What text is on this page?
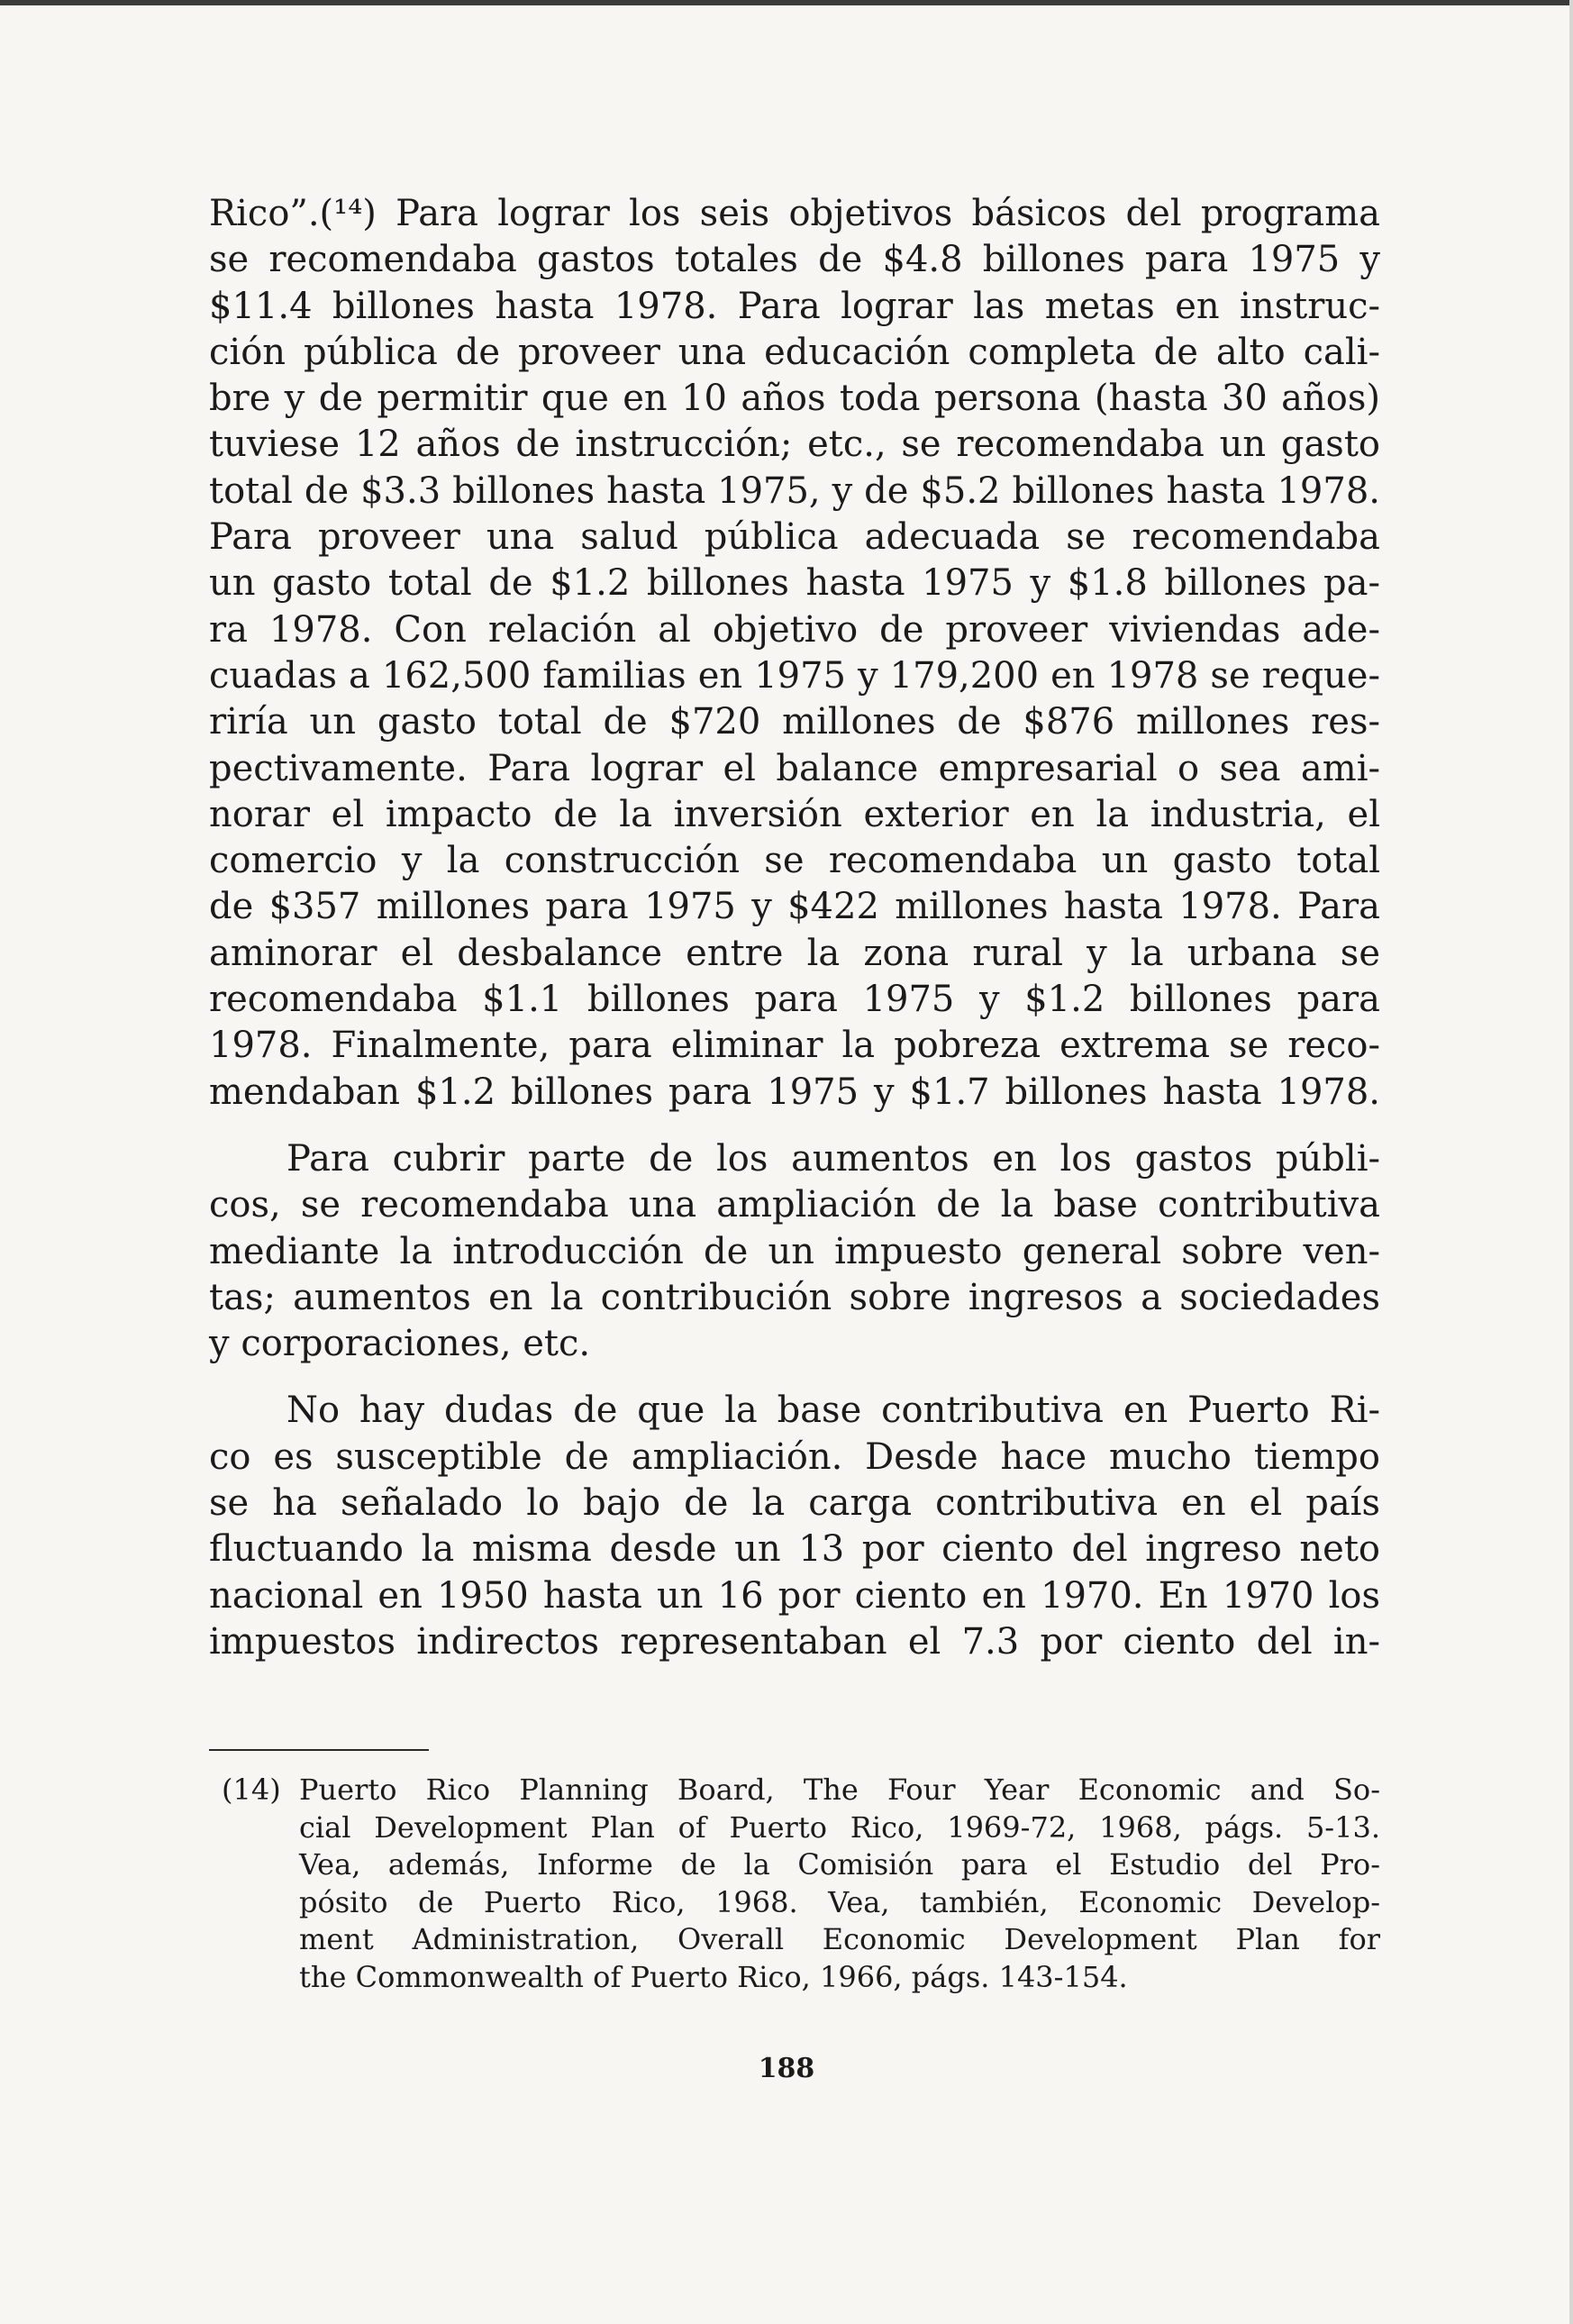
Rico”.(¹⁴) Para lograr los seis objetivos básicos del programa
se recomendaba gastos totales de $4.8 billones para 1975 y
$11.4 billones hasta 1978. Para lograr las metas en instruc-
ción pública de proveer una educación completa de alto cali-
bre y de permitir que en 10 años toda persona (hasta 30 años)
tuviese 12 años de instrucción; etc., se recomendaba un gasto
total de $3.3 billones hasta 1975, y de $5.2 billones hasta 1978.
Para proveer una salud pública adecuada se recomendaba
un gasto total de $1.2 billones hasta 1975 y $1.8 billones pa-
ra 1978. Con relación al objetivo de proveer viviendas ade-
cuadas a 162,500 familias en 1975 y 179,200 en 1978 se reque-
riría un gasto total de $720 millones de $876 millones res-
pectivamente. Para lograr el balance empresarial o sea ami-
norar el impacto de la inversión exterior en la industria, el
comercio y la construcción se recomendaba un gasto total
de $357 millones para 1975 y $422 millones hasta 1978. Para
aminorar el desbalance entre la zona rural y la urbana se
recomendaba $1.1 billones para 1975 y $1.2 billones para
1978. Finalmente, para eliminar la pobreza extrema se reco-
mendaban $1.2 billones para 1975 y $1.7 billones hasta 1978.
Para cubrir parte de los aumentos en los gastos públi-
cos, se recomendaba una ampliación de la base contributiva
mediante la introducción de un impuesto general sobre ven-
tas; aumentos en la contribución sobre ingresos a sociedades
y corporaciones, etc.
No hay dudas de que la base contributiva en Puerto Ri-
co es susceptible de ampliación. Desde hace mucho tiempo
se ha señalado lo bajo de la carga contributiva en el país
fluctuando la misma desde un 13 por ciento del ingreso neto
nacional en 1950 hasta un 16 por ciento en 1970. En 1970 los
impuestos indirectos representaban el 7.3 por ciento del in-
(14) Puerto Rico Planning Board, The Four Year Economic and So-
cial Development Plan of Puerto Rico, 1969-72, 1968, págs. 5-13.
Vea, además, Informe de la Comisión para el Estudio del Pro-
pósito de Puerto Rico, 1968. Vea, también, Economic Develop-
ment Administration, Overall Economic Development Plan for
the Commonwealth of Puerto Rico, 1966, págs. 143-154.
188
